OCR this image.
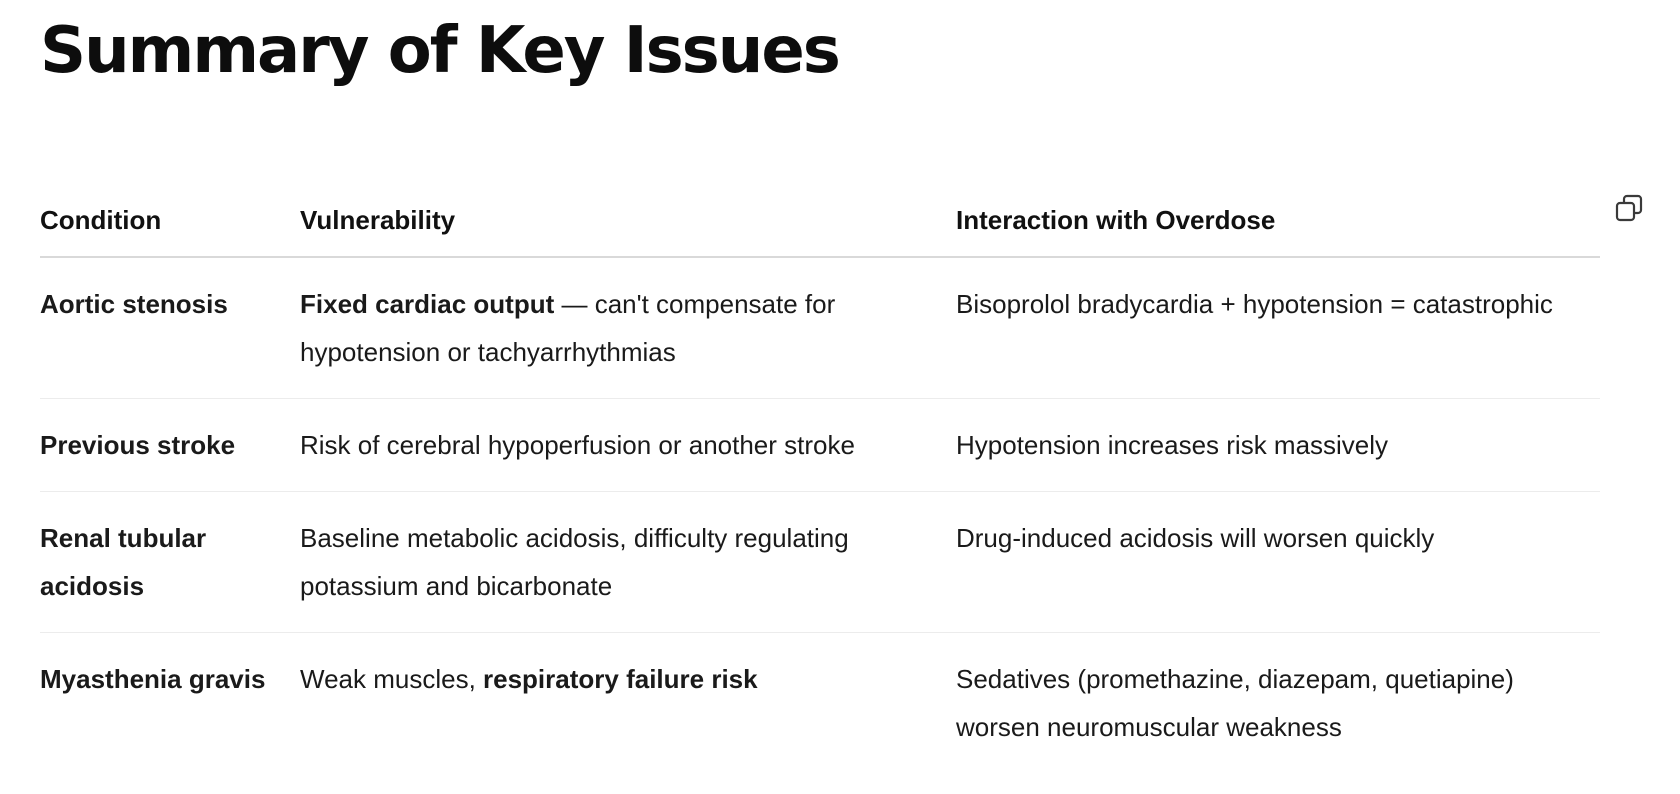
Summary of Key Issues
Condition	Vulnerability	Interaction with Overdose
Aortic stenosis	Fixed cardiac output — can't compensate for hypotension or tachyarrhythmias	Bisoprolol bradycardia + hypotension = catastrophic
Previous stroke	Risk of cerebral hypoperfusion or another stroke	Hypotension increases risk massively
Renal tubular acidosis	Baseline metabolic acidosis, difficulty regulating potassium and bicarbonate	Drug-induced acidosis will worsen quickly
Myasthenia gravis	Weak muscles, respiratory failure risk	Sedatives (promethazine, diazepam, quetiapine) worsen neuromuscular weakness
